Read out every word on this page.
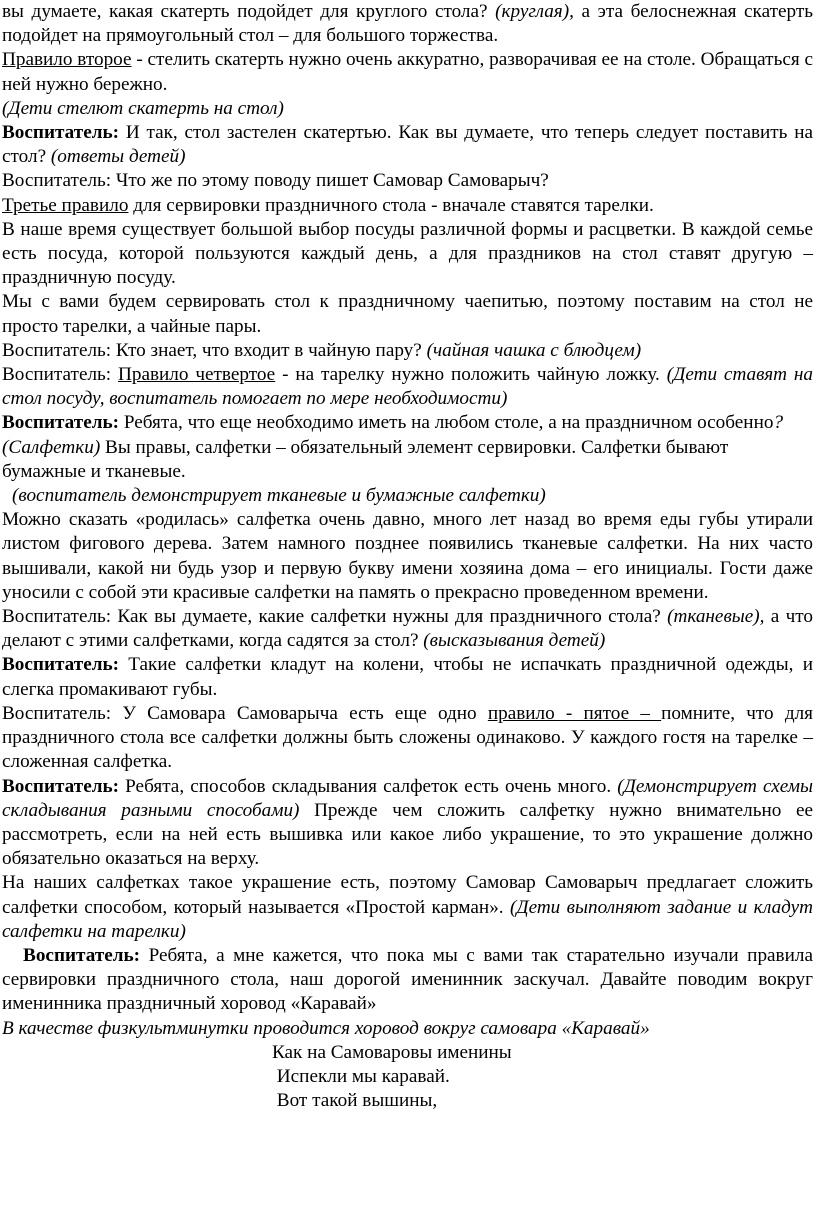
вы думаете, какая скатерть подойдет для круглого стола? (круглая), а эта белоснежная скатерть подойдет на прямоугольный стол – для большого торжества.

Правило второе - стелить скатерть нужно очень аккуратно, разворачивая ее на столе. Обращаться с ней нужно бережно.

(Дети стелют скатерть на стол)

Воспитатель: И так, стол застелен скатертью. Как вы думаете, что теперь следует поставить на стол? (ответы детей)

Воспитатель: Что же по этому поводу пишет Самовар Самоварыч?

Третье правило для сервировки праздничного стола - вначале ставятся тарелки.

В наше время существует большой выбор посуды различной формы и расцветки. В каждой семье есть посуда, которой пользуются каждый день, а для праздников на стол ставят другую – праздничную посуду.

Мы с вами будем сервировать стол к праздничному чаепитью, поэтому поставим на стол не просто тарелки, а чайные пары.

Воспитатель: Кто знает, что входит в чайную пару? (чайная чашка с блюдцем)

Воспитатель: Правило четвертое - на тарелку нужно положить чайную ложку. (Дети ставят на стол посуду, воспитатель помогает по мере необходимости)

Воспитатель: Ребята, что еще необходимо иметь на любом столе, а на праздничном особенно? (Салфетки) Вы правы, салфетки – обязательный элемент сервировки. Салфетки бывают бумажные и тканевые.

(воспитатель демонстрирует тканевые и бумажные салфетки)

Можно сказать «родилась» салфетка очень давно, много лет назад во время еды губы утирали листом фигового дерева. Затем намного позднее появились тканевые салфетки. На них часто вышивали, какой ни будь узор и первую букву имени хозяина дома – его инициалы. Гости даже уносили с собой эти красивые салфетки на память о прекрасно проведенном времени.

Воспитатель: Как вы думаете, какие салфетки нужны для праздничного стола? (тканевые), а что делают с этими салфетками, когда садятся за стол? (высказывания детей)

Воспитатель: Такие салфетки кладут на колени, чтобы не испачкать праздничной одежды, и слегка промакивают губы.

Воспитатель: У Самовара Самоварыча есть еще одно правило - пятое – помните, что для праздничного стола все салфетки должны быть сложены одинаково. У каждого гостя на тарелке – сложенная салфетка.

Воспитатель: Ребята, способов складывания салфеток есть очень много. (Демонстрирует схемы складывания разными способами) Прежде чем сложить салфетку нужно внимательно ее рассмотреть, если на ней есть вышивка или какое либо украшение, то это украшение должно обязательно оказаться на верху.

На наших салфетках такое украшение есть, поэтому Самовар Самоварыч предлагает сложить салфетки способом, который называется «Простой карман». (Дети выполняют задание и кладут салфетки на тарелки)

Воспитатель: Ребята, а мне кажется, что пока мы с вами так старательно изучали правила сервировки праздничного стола, наш дорогой именинник заскучал. Давайте поводим вокруг именинника праздничный хоровод «Каравай»

В качестве физкультминутки проводится хоровод вокруг самовара «Каравай»

Как на Самоваровы именины
Испекли мы каравай.
Вот такой вышины,
